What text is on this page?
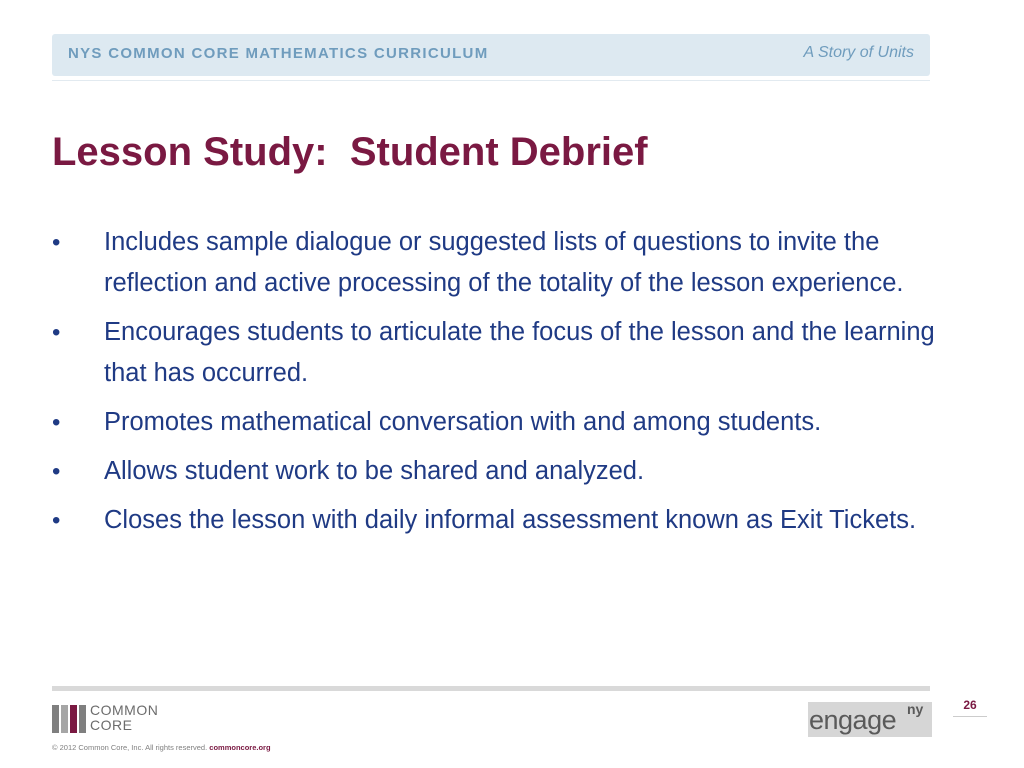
NYS COMMON CORE MATHEMATICS CURRICULUM	A Story of Units
Lesson Study:  Student Debrief
•	Includes sample dialogue or suggested lists of questions to invite the reflection and active processing of the totality of the lesson experience.
•	Encourages students to articulate the focus of the lesson and the learning that has occurred.
•	Promotes mathematical conversation with and among students.
•	Allows student work to be shared and analyzed.
•	Closes the lesson with daily informal assessment known as Exit Tickets.
COMMON
CORE
© 2012 Common Core, Inc. All rights reserved. commoncore.org
26
engage ny
